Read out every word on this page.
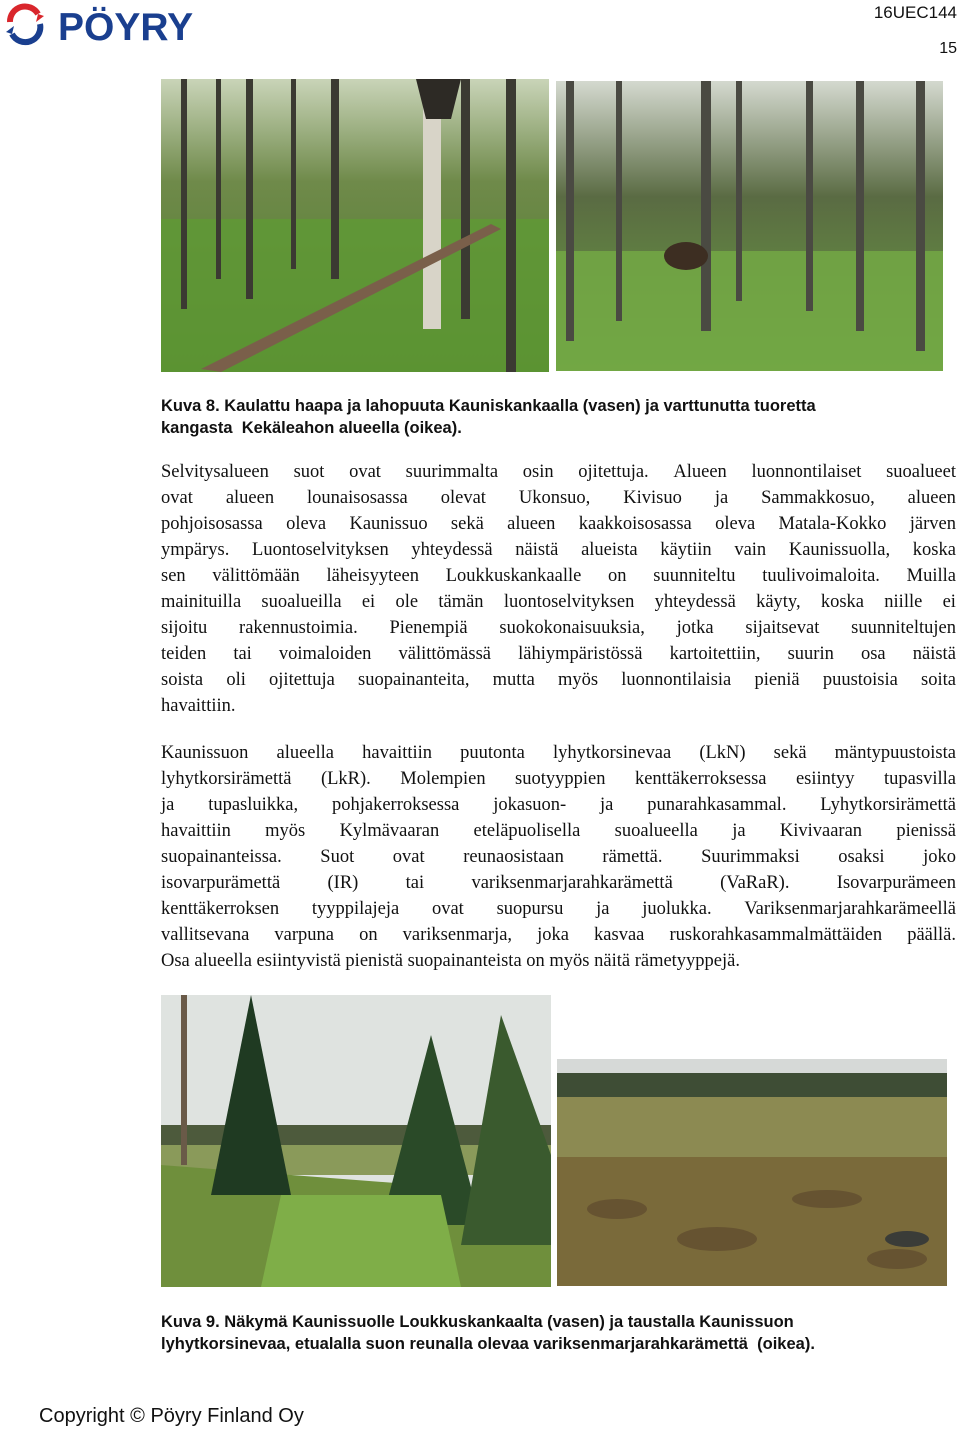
PÖYRY	16UEC144
15
Kuva 8. Kaulattu haapa ja lahopuuta Kauniskankaalla (vasen) ja varttunutta tuoretta
kangasta  Kekäleahon alueella (oikea).
Selvitysalueen suot ovat suurimmalta osin ojitettuja. Alueen luonnontilaiset suoalueet
ovat alueen lounaisosassa olevat Ukonsuo, Kivisuo ja Sammakkosuo, alueen
pohjoisosassa oleva Kaunissuo sekä alueen kaakkoisosassa oleva Matala-Kokko järven
ympärys. Luontoselvityksen yhteydessä näistä alueista käytiin vain Kaunissuolla, koska
sen välittömään läheisyyteen Loukkuskankaalle on suunniteltu tuulivoimaloita. Muilla
mainituilla suoalueilla ei ole tämän luontoselvityksen yhteydessä käyty, koska niille ei
sijoitu rakennustoimia. Pienempiä suokokonaisuuksia, jotka sijaitsevat suunniteltujen
teiden tai voimaloiden välittömässä lähiympäristössä kartoitettiin, suurin osa näistä
soista oli ojitettuja suopainanteita, mutta myös luonnontilaisia pieniä puustoisia soita
havaittiin.
Kaunissuon alueella havaittiin puutonta lyhytkorsinevaa (LkN) sekä mäntypuustoista
lyhytkorsirämettä (LkR). Molempien suotyyppien kenttäkerroksessa esiintyy tupasvilla
ja tupasluikka, pohjakerroksessa jokasuon- ja punarahkasammal. Lyhytkorsirämettä
havaittiin myös Kylmävaaran eteläpuolisella suoalueella ja Kivivaaran pienissä
suopainanteissa. Suot ovat reunaosistaan rämettä. Suurimmaksi osaksi joko
isovarpurämettä	(IR)	tai	variksenmarjarahkarämettä	(VaRaR).	Isovarpurämeen
kenttäkerroksen tyyppilajeja ovat suopursu ja juolukka. Variksenmarjarahkarämeellä
vallitsevana varpuna on variksenmarja, joka kasvaa ruskorahkasammalmättäiden päällä.
Osa alueella esiintyvistä pienistä suopainanteista on myös näitä rämetyyppejä.
Kuva 9. Näkymä Kaunissuolle Loukkuskankaalta (vasen) ja taustalla Kaunissuon
lyhytkorsinevaa, etualalla suon reunalla olevaa variksenmarjarahkarämettä  (oikea).
Copyright © Pöyry Finland Oy
